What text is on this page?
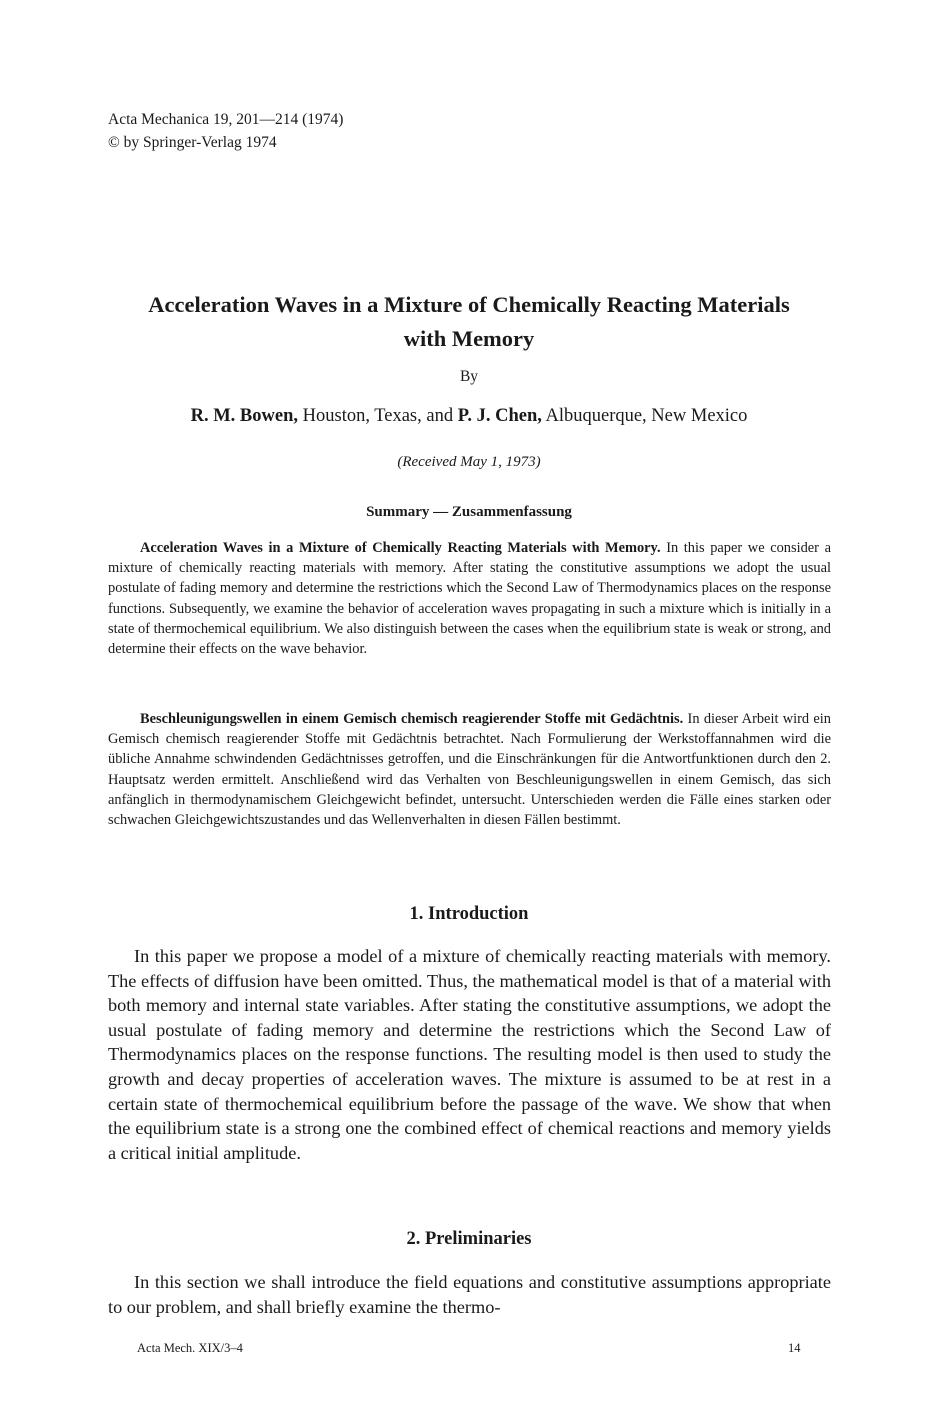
Acta Mechanica 19, 201—214 (1974)
© by Springer-Verlag 1974
Acceleration Waves in a Mixture of Chemically Reacting Materials
with Memory
By
R. M. Bowen, Houston, Texas, and P. J. Chen, Albuquerque, New Mexico
(Received May 1, 1973)
Summary — Zusammenfassung
Acceleration Waves in a Mixture of Chemically Reacting Materials with Memory. In this paper we consider a mixture of chemically reacting materials with memory. After stating the constitutive assumptions we adopt the usual postulate of fading memory and determine the restrictions which the Second Law of Thermodynamics places on the response functions. Subsequently, we examine the behavior of acceleration waves propagating in such a mixture which is initially in a state of thermochemical equilibrium. We also distinguish between the cases when the equilibrium state is weak or strong, and determine their effects on the wave behavior.
Beschleunigungswellen in einem Gemisch chemisch reagierender Stoffe mit Gedächtnis. In dieser Arbeit wird ein Gemisch chemisch reagierender Stoffe mit Gedächtnis betrachtet. Nach Formulierung der Werkstoffannahmen wird die übliche Annahme schwindenden Gedächtnisses getroffen, und die Einschränkungen für die Antwortfunktionen durch den 2. Hauptsatz werden ermittelt. Anschließend wird das Verhalten von Beschleunigungswellen in einem Gemisch, das sich anfänglich in thermodynamischem Gleichgewicht befindet, untersucht. Unterschieden werden die Fälle eines starken oder schwachen Gleichgewichtszustandes und das Wellenverhalten in diesen Fällen bestimmt.
1. Introduction
In this paper we propose a model of a mixture of chemically reacting materials with memory. The effects of diffusion have been omitted. Thus, the mathematical model is that of a material with both memory and internal state variables. After stating the constitutive assumptions, we adopt the usual postulate of fading memory and determine the restrictions which the Second Law of Thermodynamics places on the response functions. The resulting model is then used to study the growth and decay properties of acceleration waves. The mixture is assumed to be at rest in a certain state of thermochemical equilibrium before the passage of the wave. We show that when the equilibrium state is a strong one the combined effect of chemical reactions and memory yields a critical initial amplitude.
2. Preliminaries
In this section we shall introduce the field equations and constitutive assumptions appropriate to our problem, and shall briefly examine the thermo-
Acta Mech. XIX/3–4	14
